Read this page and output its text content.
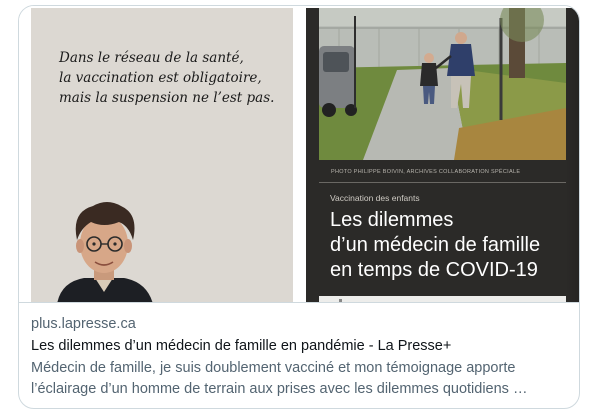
Dans le réseau de la santé,
la vaccination est obligatoire,
mais la suspension ne l’est pas.

PHOTO PHILIPPE BOIVIN, ARCHIVES COLLABORATION SPÉCIALE
Vaccination des enfants
Les dilemmes
d’un médecin de famille
en temps de COVID-19
plus.lapresse.ca
Les dilemmes d’un médecin de famille en pandémie - La Presse+
Médecin de famille, je suis doublement vacciné et mon témoignage apporte
l’éclairage d’un homme de terrain aux prises avec les dilemmes quotidiens …
